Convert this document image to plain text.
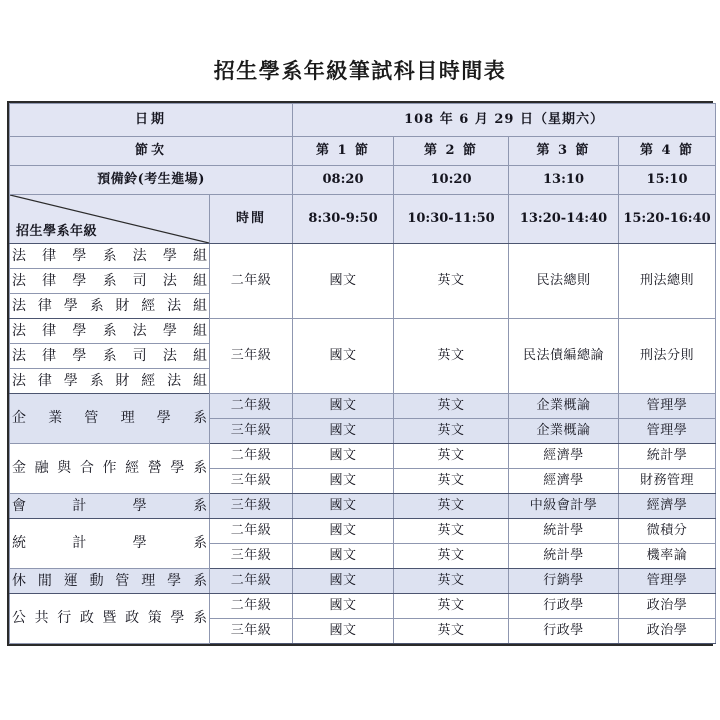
招生學系年級筆試科目時間表
日期		108 年 6 月 29 日（星期六）			
節次		第 1 節	第 2 節	第 3 節	第 4 節
預備鈴(考生進場)		08:20	10:20	13:10	15:10

招生學系年級	時間	8:30-9:50	10:30-11:50	13:20-14:40	15:20-16:40
法 律 學 系 法 學 組	二年級	國文	英文	民法總則	刑法總則
法 律 學 系 司 法 組					
法 律 學 系 財 經 法 組					
法 律 學 系 法 學 組	三年級	國文	英文	民法債編總論	刑法分則
法 律 學 系 司 法 組					
法 律 學 系 財 經 法 組					
企 業 管 理 學 系	二年級	國文	英文	企業概論	管理學
	三年級	國文	英文	企業概論	管理學
金 融 與 合 作 經 營 學 系	二年級	國文	英文	經濟學	統計學
	三年級	國文	英文	經濟學	財務管理
會 計 學 系	三年級	國文	英文	中級會計學	經濟學
統 計 學 系	二年級	國文	英文	統計學	微積分
	三年級	國文	英文	統計學	機率論
休 閒 運 動 管 理 學 系	二年級	國文	英文	行銷學	管理學
公 共 行 政 暨 政 策 學 系	二年級	國文	英文	行政學	政治學
	三年級	國文	英文	行政學	政治學
